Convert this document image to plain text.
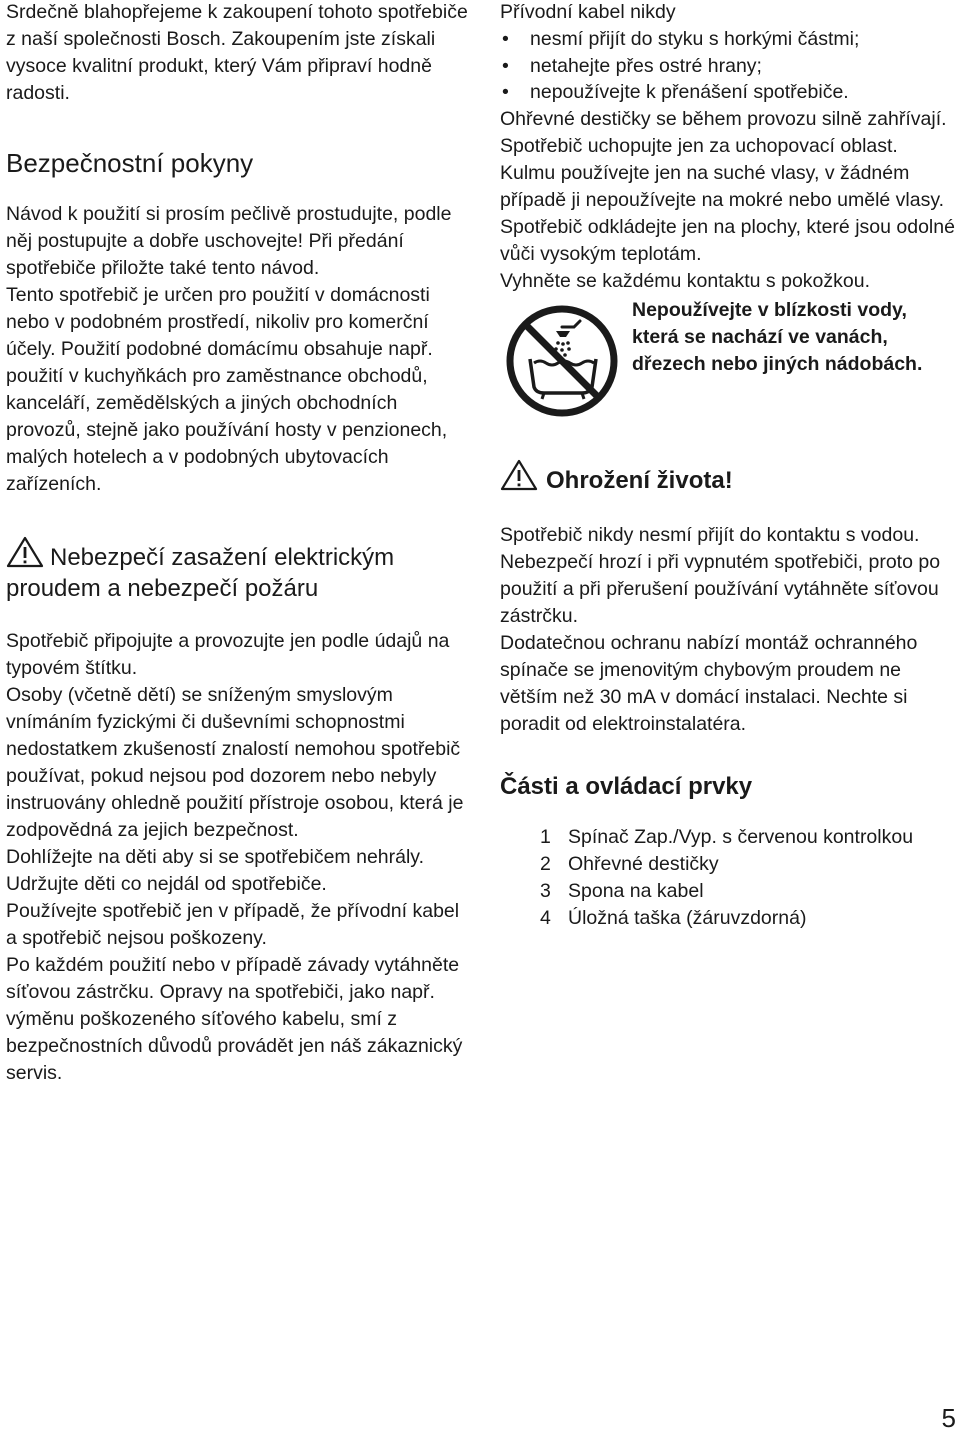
Srdečně blahopřejeme k zakoupení tohoto spotřebiče z naší společnosti Bosch. Zakoupením jste získali vysoce kvalitní produkt, který Vám připraví hodně radosti.

Bezpečnostní pokyny

Návod k použití si prosím pečlivě prostudujte, podle něj postupujte a dobře uschovejte! Při předání spotřebiče přiložte také tento návod.

Tento spotřebič je určen pro použití v domácnosti nebo v podobném prostředí, nikoliv pro komerční účely. Použití podobné domácímu obsahuje např. použití v kuchyňkách pro zaměstnance obchodů, kanceláří, zemědělských a jiných obchodních provozů, stejně jako používání hosty v penzionech, malých hotelech a v podobných ubytovacích zařízeních.

Nebezpečí zasažení elektrickým proudem a nebezpečí požáru

Spotřebič připojujte a provozujte jen podle údajů na typovém štítku.

Osoby (včetně dětí) se sníženým smyslovým vnímáním fyzickými či duševními schopnostmi nedostatkem zkušeností znalostí nemohou spotřebič používat, pokud nejsou pod dozorem nebo nebyly instruovány ohledně použití přístroje osobou, která je zodpovědná za jejich bezpečnost.

Dohlížejte na děti aby si se spotřebičem nehrály.

Udržujte děti co nejdál od spotřebiče.

Používejte spotřebič jen v případě, že přívodní kabel a spotřebič nejsou poškozeny.

Po každém použití nebo v případě závady vytáhněte síťovou zástrčku. Opravy na spotřebiči, jako např. výměnu poškozeného síťového kabelu, smí z bezpečnostních důvodů provádět jen náš zákaznický servis.

Přívodní kabel nikdy

• nesmí přijít do styku s horkými částmi;
• netahejte přes ostré hrany;
• nepoužívejte k přenášení spotřebiče.

Ohřevné destičky se během provozu silně zahřívají. Spotřebič uchopujte jen za uchopovací oblast.

Kulmu používejte jen na suché vlasy, v žádném případě ji nepoužívejte na mokré nebo umělé vlasy.

Spotřebič odkládejte jen na plochy, které jsou odolné vůči vysokým teplotám.

Vyhněte se každému kontaktu s pokožkou.

Nepoužívejte v blízkosti vody, která se nachází ve vanách, dřezech nebo jiných nádobách.

Ohrožení života!

Spotřebič nikdy nesmí přijít do kontaktu s vodou. Nebezpečí hrozí i při vypnutém spotřebiči, proto po použití a při přerušení používání vytáhněte síťovou zástrčku.

Dodatečnou ochranu nabízí montáž ochranného spínače se jmenovitým chybovým proudem ne větším než 30 mA v domácí instalaci. Nechte si poradit od elektroinstalatéra.

Části a ovládací prvky
1 Spínač Zap./Vyp. s červenou kontrolkou
2 Ohřevné destičky
3 Spona na kabel
4 Úložná taška (žáruvzdorná)
5
